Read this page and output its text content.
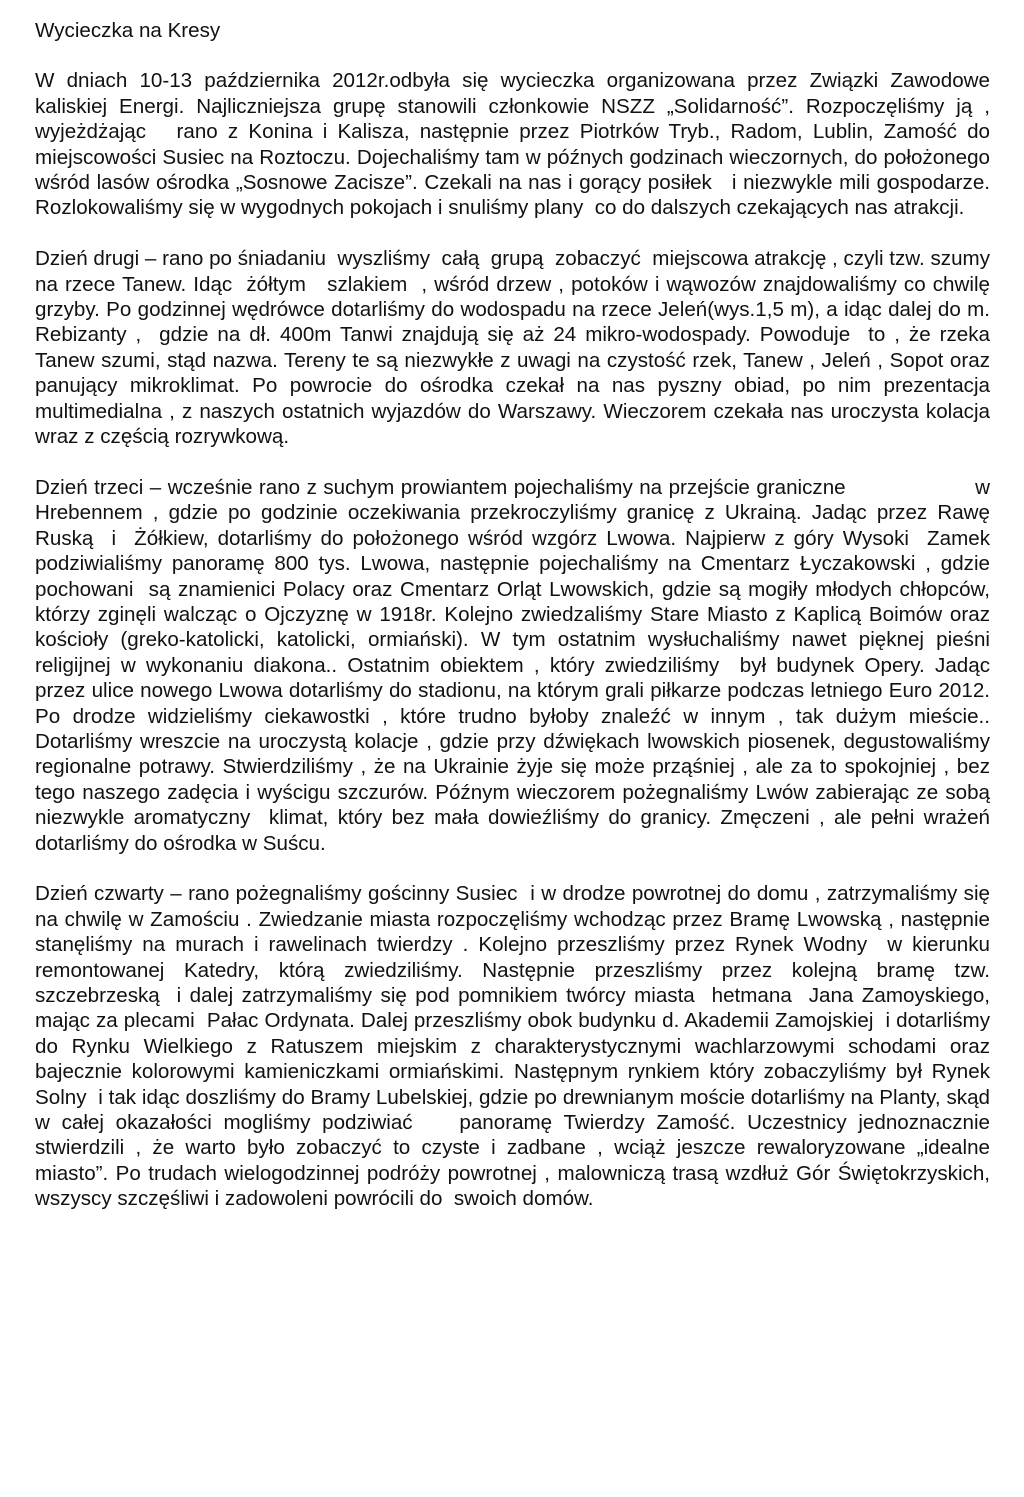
Wycieczka na Kresy

W dniach 10-13 października 2012r.odbyła się wycieczka organizowana przez Związki Zawodowe kaliskiej Energi. Najliczniejsza grupę stanowili członkowie NSZZ „Solidarność”. Rozpoczęliśmy ją , wyjeżdżając   rano z Konina i Kalisza, następnie przez Piotrków Tryb., Radom, Lublin, Zamość do miejscowości Susiec na Roztoczu. Dojechaliśmy tam w późnych godzinach wieczornych, do położonego wśród lasów ośrodka „Sosnowe Zacisze”. Czekali na nas i gorący posiłek   i niezwykle mili gospodarze. Rozlokowaliśmy się w wygodnych pokojach i snuliśmy plany  co do dalszych czekających nas atrakcji.

Dzień drugi – rano po śniadaniu  wyszliśmy  całą  grupą  zobaczyć  miejscowa atrakcję , czyli tzw. szumy na rzece Tanew. Idąc  żółtym   szlakiem  , wśród drzew , potoków i wąwozów znajdowaliśmy co chwilę grzyby. Po godzinnej wędrówce dotarliśmy do wodospadu na rzece Jeleń(wys.1,5 m), a idąc dalej do m. Rebizanty ,  gdzie na dł. 400m Tanwi znajdują się aż 24 mikro-wodospady. Powoduje  to , że rzeka Tanew szumi, stąd nazwa. Tereny te są niezwykłe z uwagi na czystość rzek, Tanew , Jeleń , Sopot oraz panujący mikroklimat. Po powrocie do ośrodka czekał na nas pyszny obiad, po nim prezentacja multimedialna , z naszych ostatnich wyjazdów do Warszawy. Wieczorem czekała nas uroczysta kolacja wraz z częścią rozrywkową.

Dzień trzeci – wcześnie rano z suchym prowiantem pojechaliśmy na przejście graniczne                    w Hrebennem , gdzie po godzinie oczekiwania przekroczyliśmy granicę z Ukrainą. Jadąc przez Rawę Ruską  i  Żółkiew, dotarliśmy do położonego wśród wzgórz Lwowa. Najpierw z góry Wysoki  Zamek  podziwialiśmy panoramę 800 tys. Lwowa, następnie pojechaliśmy na Cmentarz Łyczakowski , gdzie pochowani  są znamienici Polacy oraz Cmentarz Orląt Lwowskich, gdzie są mogiły młodych chłopców, którzy zginęli walcząc o Ojczyznę w 1918r. Kolejno zwiedzaliśmy Stare Miasto z Kaplicą Boimów oraz kościoły (greko-katolicki, katolicki, ormiański). W tym ostatnim wysłuchaliśmy nawet pięknej pieśni religijnej w wykonaniu diakona.. Ostatnim obiektem , który zwiedziliśmy  był budynek Opery. Jadąc  przez ulice nowego Lwowa dotarliśmy do stadionu, na którym grali piłkarze podczas letniego Euro 2012. Po drodze widzieliśmy ciekawostki , które trudno byłoby znaleźć w innym , tak dużym mieście.. Dotarliśmy wreszcie na uroczystą kolacje , gdzie przy dźwiękach lwowskich piosenek, degustowaliśmy regionalne potrawy. Stwierdziliśmy , że na Ukrainie żyje się może prząśniej , ale za to spokojniej , bez tego naszego zadęcia i wyścigu szczurów. Późnym wieczorem pożegnaliśmy Lwów zabierając ze sobą  niezwykle aromatyczny  klimat, który bez mała dowieźliśmy do granicy. Zmęczeni , ale pełni wrażeń dotarliśmy do ośrodka w Suścu.

Dzień czwarty – rano pożegnaliśmy gościnny Susiec  i w drodze powrotnej do domu , zatrzymaliśmy się na chwilę w Zamościu . Zwiedzanie miasta rozpoczęliśmy wchodząc przez Bramę Lwowską , następnie stanęliśmy na murach i rawelinach twierdzy . Kolejno przeszliśmy przez Rynek Wodny  w kierunku remontowanej Katedry, którą zwiedziliśmy. Następnie przeszliśmy przez kolejną bramę tzw. szczebrzeską  i dalej zatrzymaliśmy się pod pomnikiem twórcy miasta  hetmana  Jana Zamoyskiego, mając za plecami  Pałac Ordynata. Dalej przeszliśmy obok budynku d. Akademii Zamojskiej  i dotarliśmy do Rynku Wielkiego z Ratuszem miejskim z charakterystycznymi wachlarzowymi schodami oraz bajecznie kolorowymi kamieniczkami ormiańskimi. Następnym rynkiem który zobaczyliśmy był Rynek Solny  i tak idąc doszliśmy do Bramy Lubelskiej, gdzie po drewnianym moście dotarliśmy na Planty, skąd w całej okazałości mogliśmy podziwiać    panoramę Twierdzy Zamość. Uczestnicy jednoznacznie stwierdzili , że warto było zobaczyć to czyste i zadbane , wciąż jeszcze rewaloryzowane „idealne miasto”. Po trudach wielogodzinnej podróży powrotnej , malowniczą trasą wzdłuż Gór Świętokrzyskich, wszyscy szczęśliwi i zadowoleni powrócili do  swoich domów.
